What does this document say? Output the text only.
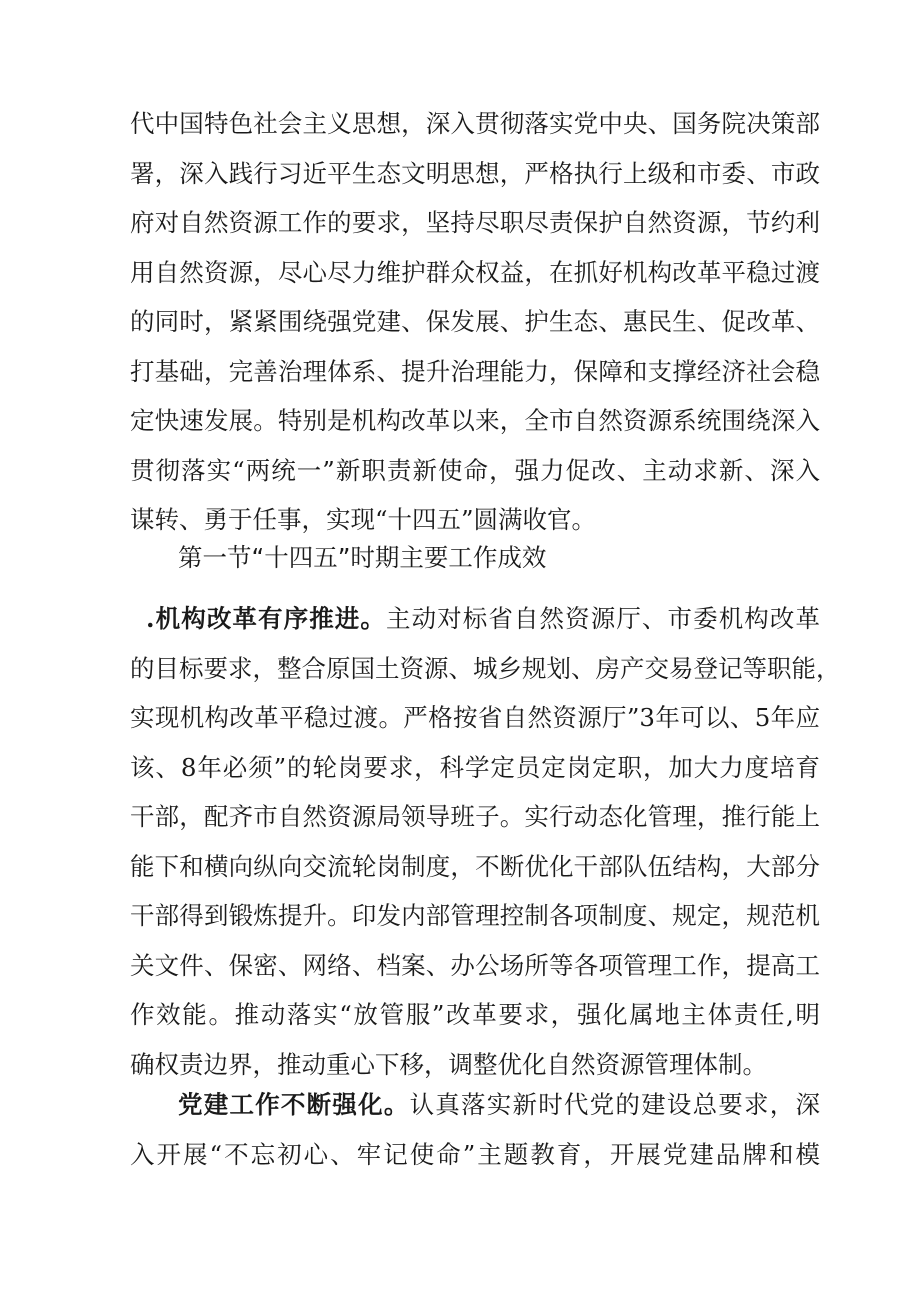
代中国特色社会主义思想，深入贯彻落实党中央、国务院决策部
署，深入践行习近平生态文明思想，严格执行上级和市委、市政
府对自然资源工作的要求，坚持尽职尽责保护自然资源，节约利
用自然资源，尽心尽力维护群众权益，在抓好机构改革平稳过渡
的同时，紧紧围绕强党建、保发展、护生态、惠民生、促改革、
打基础，完善治理体系、提升治理能力，保障和支撑经济社会稳
定快速发展。特别是机构改革以来，全市自然资源系统围绕深入
贯彻落实“两统一”新职责新使命，强力促改、主动求新、深入
谋转、勇于任事，实现“十四五”圆满收官。
第一节“十四五”时期主要工作成效
.机构改革有序推进。主动对标省自然资源厅、市委机构改革
的目标要求，整合原国土资源、城乡规划、房产交易登记等职能，
实现机构改革平稳过渡。严格按省自然资源厅”3年可以、5年应
该、8年必须”的轮岗要求，科学定员定岗定职，加大力度培育
干部，配齐市自然资源局领导班子。实行动态化管理，推行能上
能下和横向纵向交流轮岗制度，不断优化干部队伍结构，大部分
干部得到锻炼提升。印发内部管理控制各项制度、规定，规范机
关文件、保密、网络、档案、办公场所等各项管理工作，提高工
作效能。推动落实“放管服”改革要求，强化属地主体责任,明
确权责边界，推动重心下移，调整优化自然资源管理体制。
党建工作不断强化。认真落实新时代党的建设总要求，深
入开展“不忘初心、牢记使命”主题教育，开展党建品牌和模
